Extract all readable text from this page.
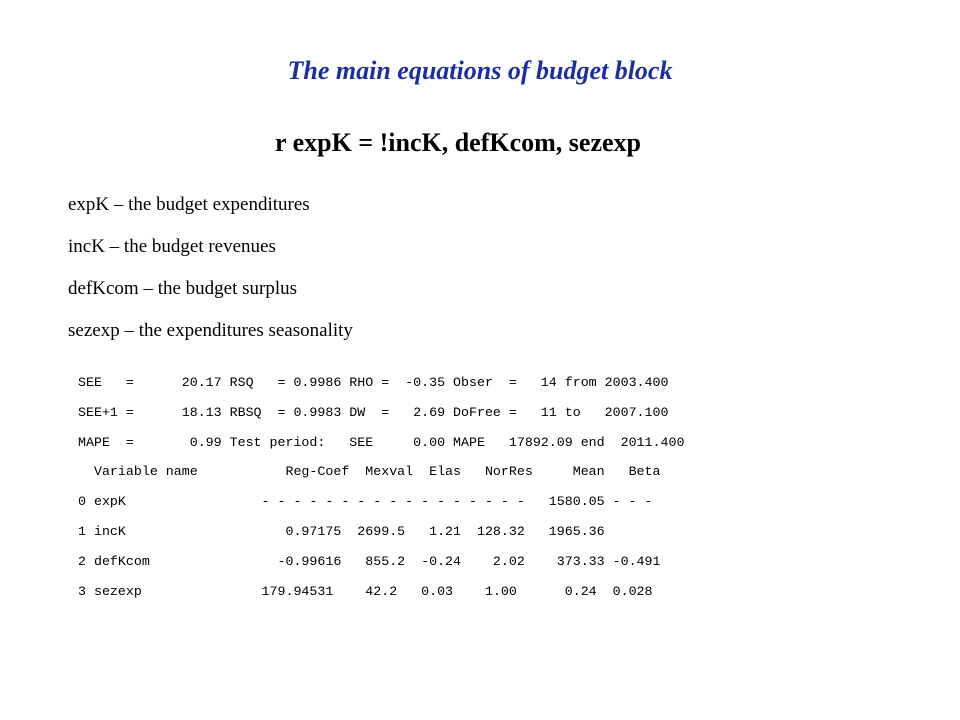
The main equations of budget block
r expK = !incK, defKcom, sezexp
expK – the budget expenditures
incK – the budget revenues
defKcom – the budget surplus
sezexp – the expenditures seasonality
SEE   =      20.17 RSQ   = 0.9986 RHO =  -0.35 Obser  =   14 from 2003.400
SEE+1 =      18.13 RBSQ  = 0.9983 DW  =   2.69 DoFree =   11 to   2007.100
MAPE  =       0.99 Test period:   SEE     0.00 MAPE   17892.09 end  2011.400
Variable name           Reg-Coef  Mexval  Elas   NorRes     Mean   Beta
0 expK                 - - - - - - - - - - - - - - - - -   1580.05 - - -
1 incK                    0.97175  2699.5   1.21  128.32   1965.36
2 defKcom                -0.99616   855.2  -0.24    2.02    373.33 -0.491
3 sezexp               179.94531    42.2   0.03    1.00      0.24  0.028
